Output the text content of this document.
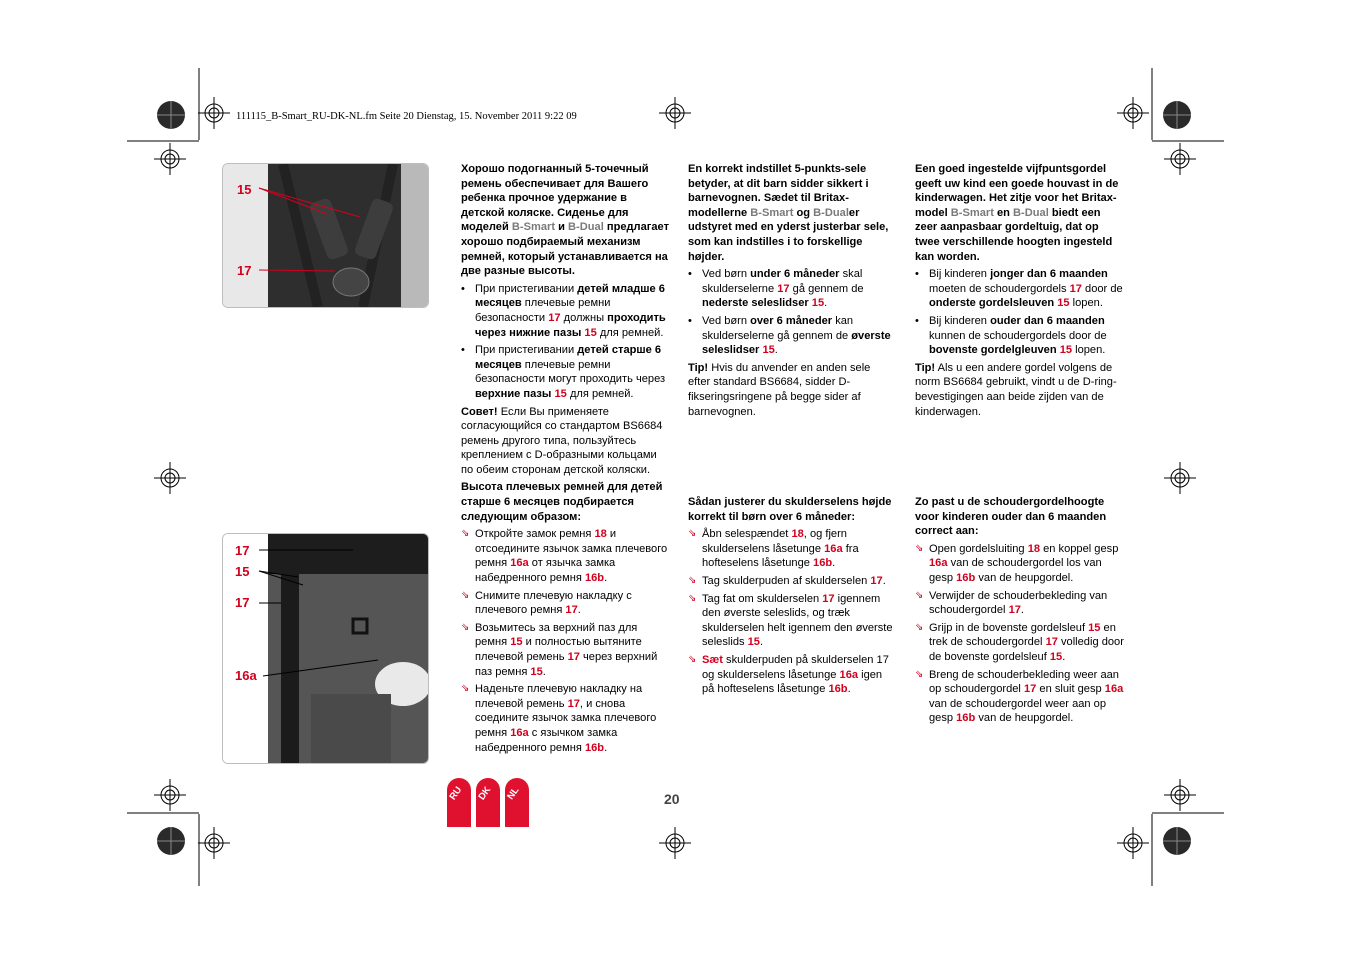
111115_B-Smart_RU-DK-NL.fm Seite 20 Dienstag, 15. November 2011 9:22 09
15
17
17
15
17
16a

Хорошо подогнанный 5-точечный ремень обеспечивает для Вашего ребенка прочное удержание в детской коляске. Сиденье для моделей B-Smart и B-Dual предлагает хорошо подбираемый механизм ремней, который устанавливается на две разные высоты.

• При пристегивании детей младше 6 месяцев плечевые ремни безопасности 17 должны проходить через нижние пазы 15 для ремней.
• При пристегивании детей старше 6 месяцев плечевые ремни безопасности могут проходить через верхние пазы 15 для ремней.

Совет! Если Вы применяете согласующийся со стандартом BS6684 ремень другого типа, пользуйтесь креплением с D-образными кольцами по обеим сторонам детской коляски.

Высота плечевых ремней для детей старше 6 месяцев подбирается следующим образом:

⇘ Откройте замок ремня 18 и отсоедините язычок замка плечевого ремня 16a от язычка замка набедренного ремня 16b.
⇘ Снимите плечевую накладку с плечевого ремня 17.
⇘ Возьмитесь за верхний паз для ремня 15 и полностью вытяните плечевой ремень 17 через верхний паз ремня 15.
⇘ Наденьте плечевую накладку на плечевой ремень 17, и снова соедините язычок замка плечевого ремня 16a с язычком замка набедренного ремня 16b.

En korrekt indstillet 5-punkts-sele betyder, at dit barn sidder sikkert i barnevognen. Sædet til Britax-modellerne B-Smart og B-Dualer udstyret med en yderst justerbar sele, som kan indstilles i to forskellige højder.

• Ved børn under 6 måneder skal skulderselerne 17 gå gennem de nederste seleslidser 15.
• Ved børn over 6 måneder kan skulderselerne gå gennem de øverste seleslidser 15.

Tip! Hvis du anvender en anden sele efter standard BS6684, sidder D-fikseringsringene på begge sider af barnevognen.

Sådan justerer du skulderselens højde korrekt til børn over 6 måneder:

⇘ Åbn selespændet 18, og fjern skulderselens låsetunge 16a fra hofteselens låsetunge 16b.
⇘ Tag skulderpuden af skulderselen 17.
⇘ Tag fat om skulderselen 17 igennem den øverste seleslids, og træk skulderselen helt igennem den øverste seleslids 15.
⇘ Sæt skulderpuden på skulderselen 17 og skulderselens låsetunge 16a igen på hofteselens låsetunge 16b.

Een goed ingestelde vijfpuntsgordel geeft uw kind een goede houvast in de kinderwagen. Het zitje voor het Britax-model B-Smart en B-Dual biedt een zeer aanpasbaar gordeltuig, dat op twee verschillende hoogten ingesteld kan worden.

• Bij kinderen jonger dan 6 maanden moeten de schoudergordels 17 door de onderste gordelsleuven 15 lopen.
• Bij kinderen ouder dan 6 maanden kunnen de schoudergordels door de bovenste gordelgleuven 15 lopen.

Tip! Als u een andere gordel volgens de norm BS6684 gebruikt, vindt u de D-ring-bevestigingen aan beide zijden van de kinderwagen.

Zo past u de schoudergordelhoogte voor kinderen ouder dan 6 maanden correct aan:

⇘ Open gordelsluiting 18 en koppel gesp 16a van de schoudergordel los van gesp 16b van de heupgordel.
⇘ Verwijder de schouderbekleding van schoudergordel 17.
⇘ Grijp in de bovenste gordelsleuf 15 en trek de schoudergordel 17 volledig door de bovenste gordelsleuf 15.
⇘ Breng de schouderbekleding weer aan op schoudergordel 17 en sluit gesp 16a van de schoudergordel weer aan op gesp 16b van de heupgordel.
RU DK NL	20
